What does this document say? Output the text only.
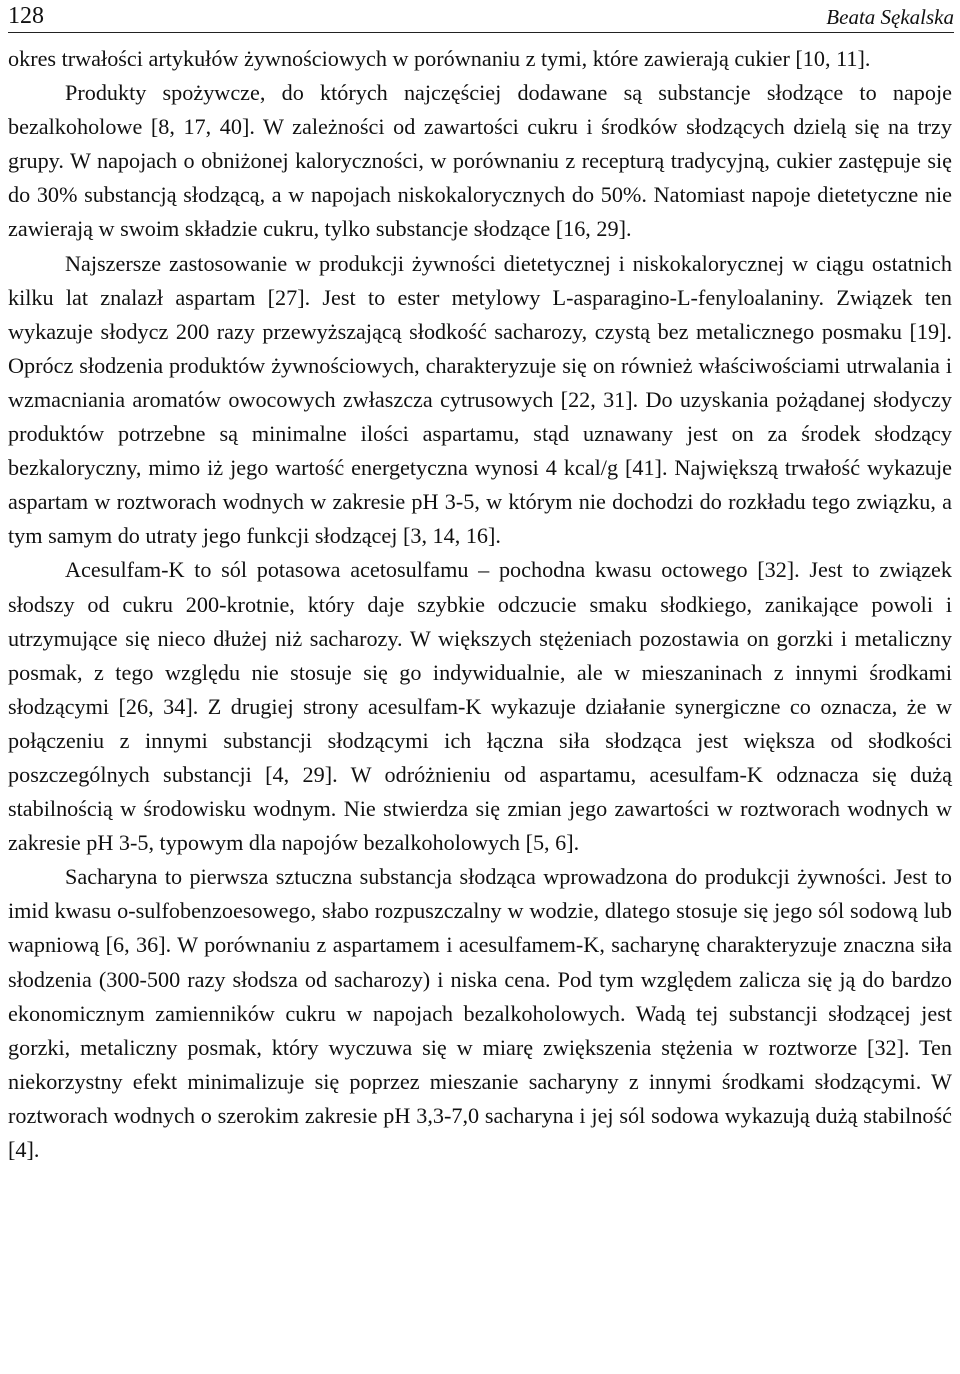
128	Beata Sękalska

okres trwałości artykułów żywnościowych w porównaniu z tymi, które zawierają cukier [10, 11].

Produkty spożywcze, do których najczęściej dodawane są substancje słodzące to napoje bezalkoholowe [8, 17, 40]. W zależności od zawartości cukru i środków słodzących dzielą się na trzy grupy. W napojach o obniżonej kaloryczności, w porównaniu z recepturą tradycyjną, cukier zastępuje się do 30% substancją słodzącą, a w napojach niskokalorycznych do 50%. Natomiast napoje dietetyczne nie zawierają w swoim składzie cukru, tylko substancje słodzące [16, 29].

Najszersze zastosowanie w produkcji żywności dietetycznej i niskokalorycznej w ciągu ostatnich kilku lat znalazł aspartam [27]. Jest to ester metylowy L-asparagino-L-fenyloalaniny. Związek ten wykazuje słodycz 200 razy przewyższającą słodkość sacharozy, czystą bez metalicznego posmaku [19]. Oprócz słodzenia produktów żywnościowych, charakteryzuje się on również właściwościami utrwalania i wzmacniania aromatów owocowych zwłaszcza cytrusowych [22, 31]. Do uzyskania pożądanej słodyczy produktów potrzebne są minimalne ilości aspartamu, stąd uznawany jest on za środek słodzący bezkaloryczny, mimo iż jego wartość energetyczna wynosi 4 kcal/g [41]. Największą trwałość wykazuje aspartam w roztworach wodnych w zakresie pH 3-5, w którym nie dochodzi do rozkładu tego związku, a tym samym do utraty jego funkcji słodzącej [3, 14, 16].

Acesulfam-K to sól potasowa acetosulfamu – pochodna kwasu octowego [32]. Jest to związek słodszy od cukru 200-krotnie, który daje szybkie odczucie smaku słodkiego, zanikające powoli i utrzymujące się nieco dłużej niż sacharozy. W większych stężeniach pozostawia on gorzki i metaliczny posmak, z tego względu nie stosuje się go indywidualnie, ale w mieszaninach z innymi środkami słodzącymi [26, 34]. Z drugiej strony acesulfam-K wykazuje działanie synergiczne co oznacza, że w połączeniu z innymi substancji słodzącymi ich łączna siła słodząca jest większa od słodkości poszczególnych substancji [4, 29]. W odróżnieniu od aspartamu, acesulfam-K odznacza się dużą stabilnością w środowisku wodnym. Nie stwierdza się zmian jego zawartości w roztworach wodnych w zakresie pH 3-5, typowym dla napojów bezalkoholowych [5, 6].

Sacharyna to pierwsza sztuczna substancja słodząca wprowadzona do produkcji żywności. Jest to imid kwasu o-sulfobenzoesowego, słabo rozpuszczalny w wodzie, dlatego stosuje się jego sól sodową lub wapniową [6, 36]. W porównaniu z aspartamem i acesulfamem-K, sacharynę charakteryzuje znaczna siła słodzenia (300-500 razy słodsza od sacharozy) i niska cena. Pod tym względem zalicza się ją do bardzo ekonomicznym zamienników cukru w napojach bezalkoholowych. Wadą tej substancji słodzącej jest gorzki, metaliczny posmak, który wyczuwa się w miarę zwiększenia stężenia w roztworze [32]. Ten niekorzystny efekt minimalizuje się poprzez mieszanie sacharyny z innymi środkami słodzącymi. W roztworach wodnych o szerokim zakresie pH 3,3-7,0 sacharyna i jej sól sodowa wykazują dużą stabilność [4].
